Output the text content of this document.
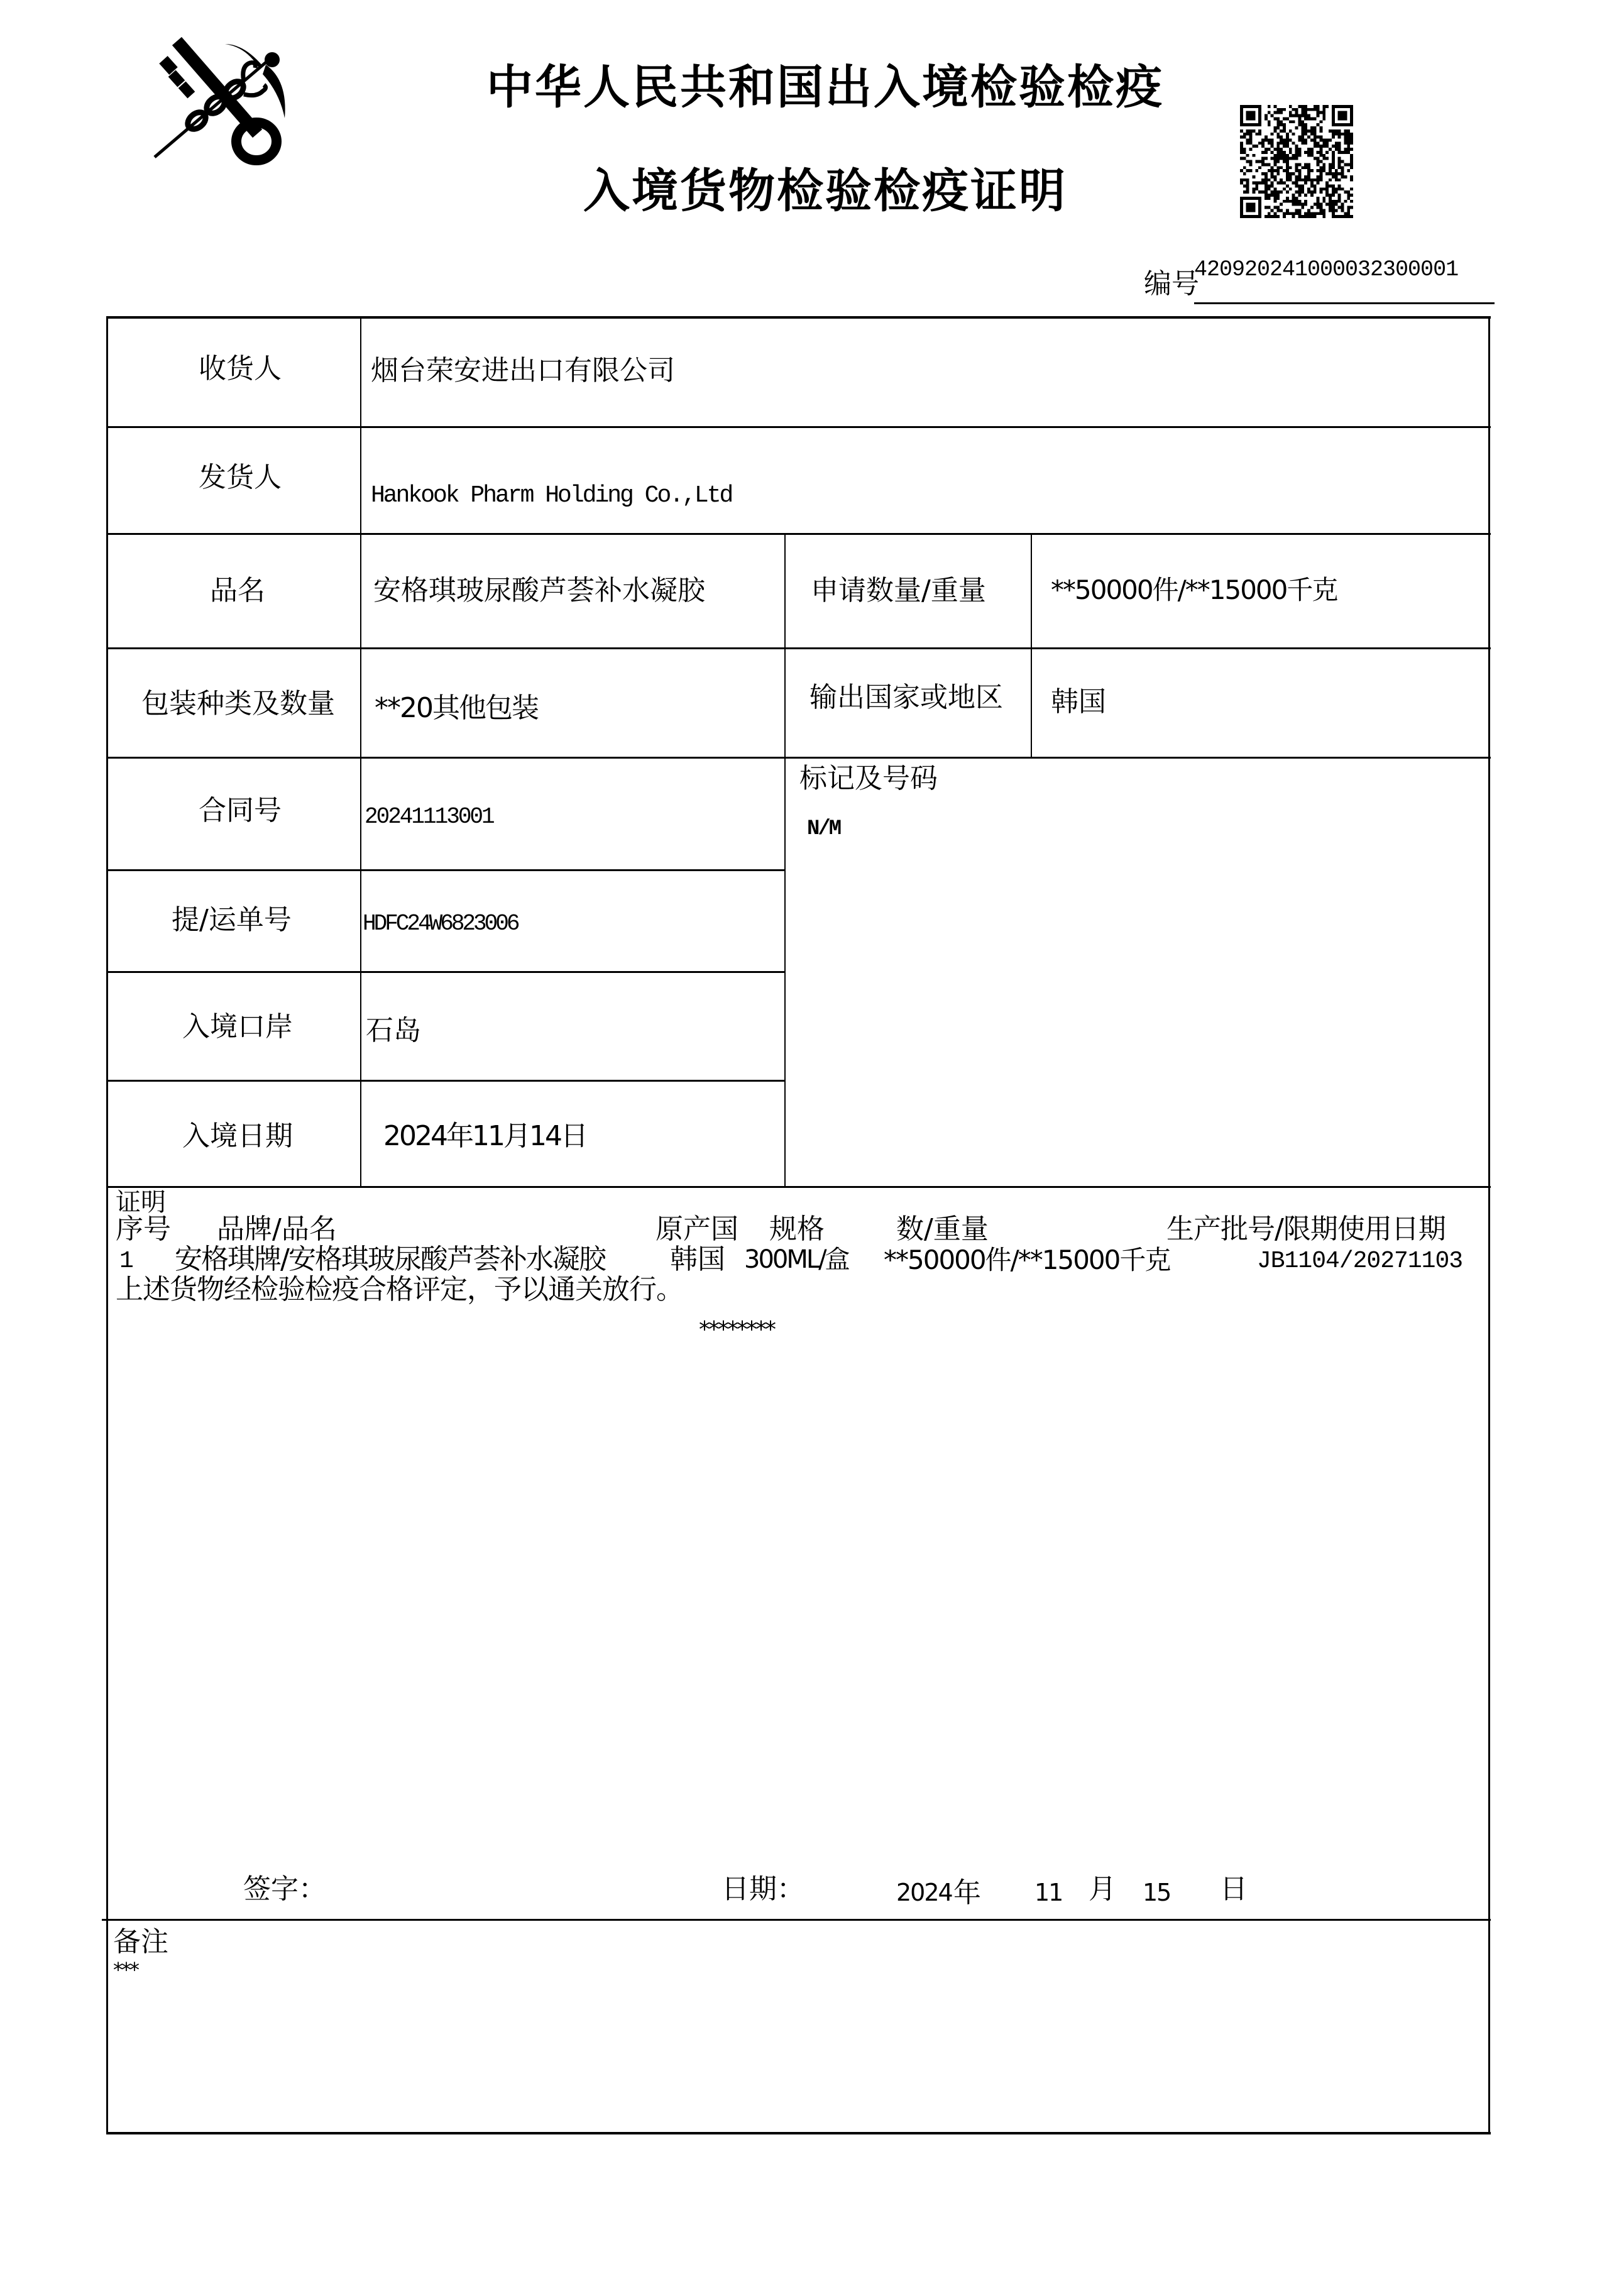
中华人民共和国出入境检验检疫
入境货物检验检疫证明
编号
420920241000032300001
收货人	烟台荣安进出口有限公司
发货人
Hankook Pharm Holding Co.,Ltd
品名	安格琪玻尿酸芦荟补水凝胶	申请数量/重量 **50000件/**15000千克
包装种类及数量 **20其他包装	输出国家或地区 韩国
合同号	20241113001
标记及号码
N/M
提/运单号	HDFC24W6823006
入境口岸	石岛
入境日期	2024年11月14日
证明
序号 品牌/品名	原产国 规格	数/重量	生产批号/限期使用日期
1 安格琪牌/安格琪玻尿酸芦荟补水凝胶 韩国 300ML/盒 **50000件/**15000千克	JB1104/20271103
上述货物经检验检疫合格评定，予以通关放行。
********
签字：	日期：	2024 年 11 月 15 日
备注
***
